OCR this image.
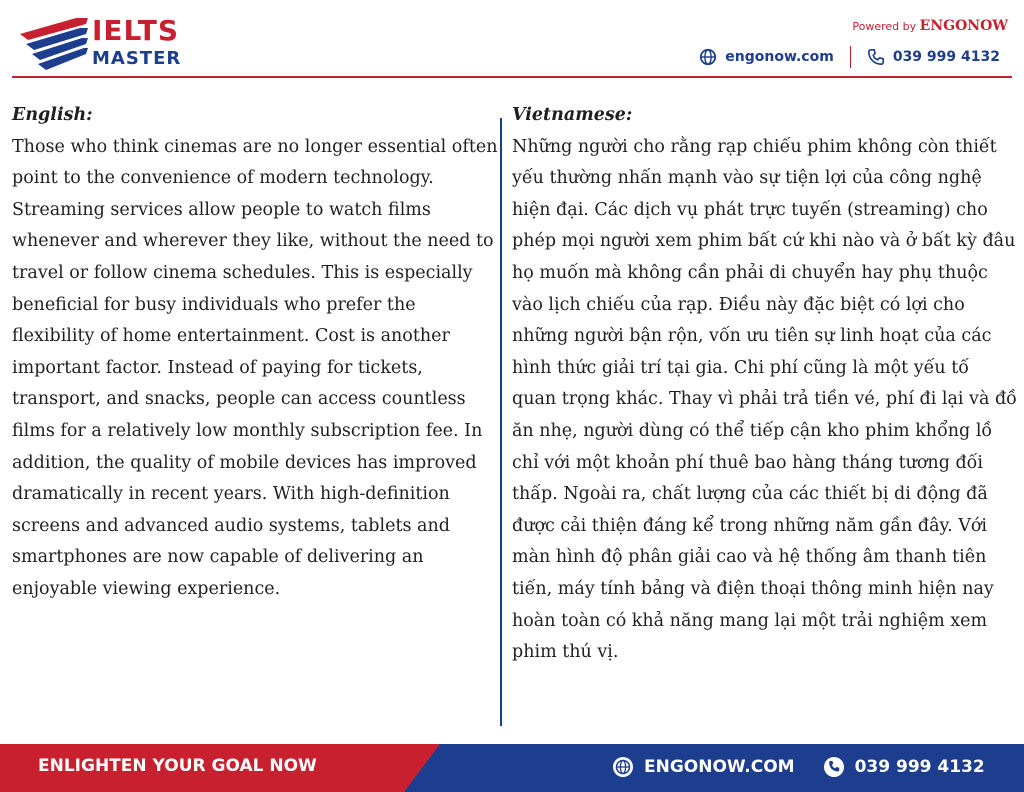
IELTS
MASTER
Powered by ENGONOW
engonow.com	039 999 4132
English:
Those who think cinemas are no longer essential often point to the convenience of modern technology. Streaming services allow people to watch films whenever and wherever they like, without the need to travel or follow cinema schedules. This is especially beneficial for busy individuals who prefer the flexibility of home entertainment. Cost is another important factor. Instead of paying for tickets, transport, and snacks, people can access countless films for a relatively low monthly subscription fee. In addition, the quality of mobile devices has improved dramatically in recent years. With high-definition screens and advanced audio systems, tablets and smartphones are now capable of delivering an enjoyable viewing experience.
Vietnamese:
Những người cho rằng rạp chiếu phim không còn thiết yếu thường nhấn mạnh vào sự tiện lợi của công nghệ hiện đại. Các dịch vụ phát trực tuyến (streaming) cho phép mọi người xem phim bất cứ khi nào và ở bất kỳ đâu họ muốn mà không cần phải di chuyển hay phụ thuộc vào lịch chiếu của rạp. Điều này đặc biệt có lợi cho những người bận rộn, vốn ưu tiên sự linh hoạt của các hình thức giải trí tại gia. Chi phí cũng là một yếu tố quan trọng khác. Thay vì phải trả tiền vé, phí đi lại và đồ ăn nhẹ, người dùng có thể tiếp cận kho phim khổng lồ chỉ với một khoản phí thuê bao hàng tháng tương đối thấp. Ngoài ra, chất lượng của các thiết bị di động đã được cải thiện đáng kể trong những năm gần đây. Với màn hình độ phân giải cao và hệ thống âm thanh tiên tiến, máy tính bảng và điện thoại thông minh hiện nay hoàn toàn có khả năng mang lại một trải nghiệm xem phim thú vị.
ENLIGHTEN YOUR GOAL NOW	ENGONOW.COM	039 999 4132
